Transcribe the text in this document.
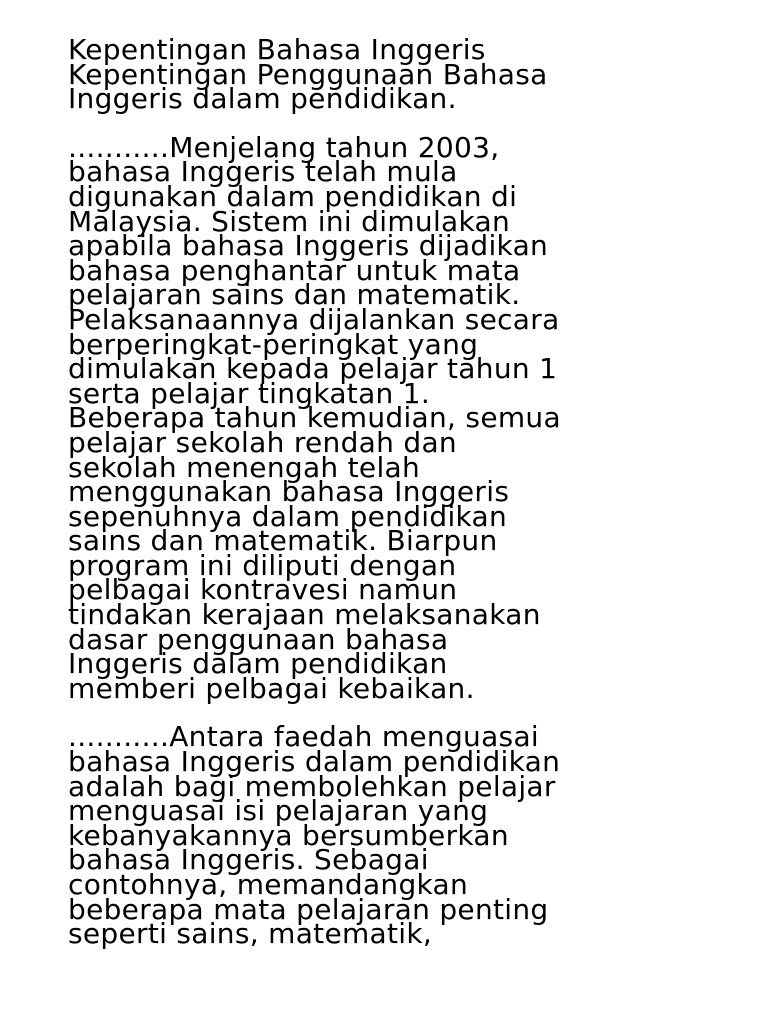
Kepentingan Bahasa Inggeris
Kepentingan Penggunaan Bahasa
Inggeris dalam pendidikan.
...........Menjelang tahun 2003,
bahasa Inggeris telah mula
digunakan dalam pendidikan di
Malaysia. Sistem ini dimulakan
apabila bahasa Inggeris dijadikan
bahasa penghantar untuk mata
pelajaran sains dan matematik.
Pelaksanaannya dijalankan secara
berperingkat-peringkat yang
dimulakan kepada pelajar tahun 1
serta pelajar tingkatan 1.
Beberapa tahun kemudian, semua
pelajar sekolah rendah dan
sekolah menengah telah
menggunakan bahasa Inggeris
sepenuhnya dalam pendidikan
sains dan matematik. Biarpun
program ini diliputi dengan
pelbagai kontravesi namun
tindakan kerajaan melaksanakan
dasar penggunaan bahasa
Inggeris dalam pendidikan
memberi pelbagai kebaikan.
...........Antara faedah menguasai
bahasa Inggeris dalam pendidikan
adalah bagi membolehkan pelajar
menguasai isi pelajaran yang
kebanyakannya bersumberkan
bahasa Inggeris. Sebagai
contohnya, memandangkan
beberapa mata pelajaran penting
seperti sains, matematik,
